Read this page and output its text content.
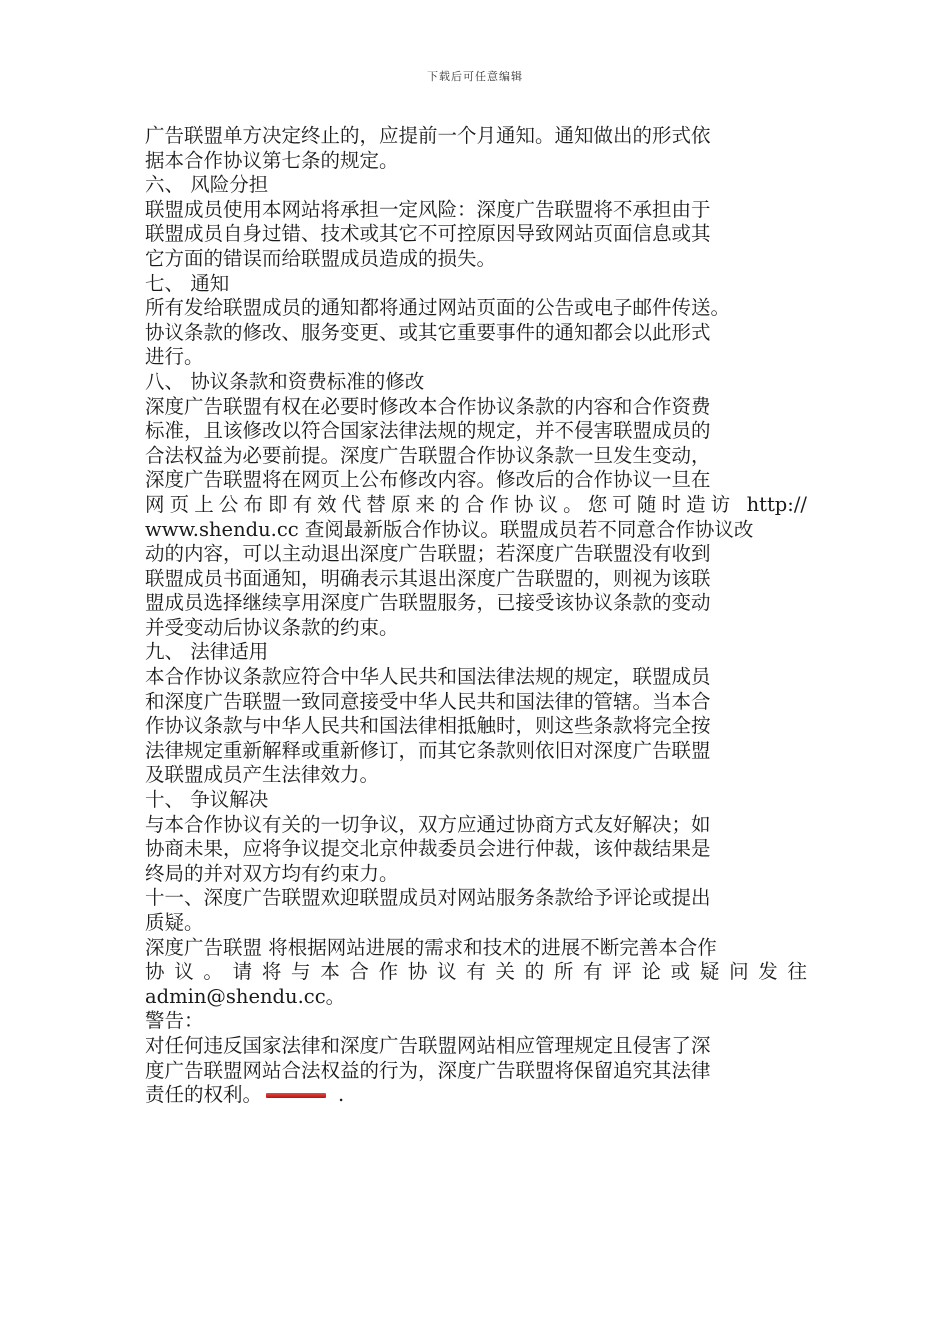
下载后可任意编辑
广告联盟单方决定终止的，应提前一个月通知。通知做出的形式依
据本合作协议第七条的规定。
六、 风险分担
联盟成员使用本网站将承担一定风险：深度广告联盟将不承担由于
联盟成员自身过错、技术或其它不可控原因导致网站页面信息或其
它方面的错误而给联盟成员造成的损失。
七、 通知
所有发给联盟成员的通知都将通过网站页面的公告或电子邮件传送。
协议条款的修改、服务变更、或其它重要事件的通知都会以此形式
进行。
八、 协议条款和资费标准的修改
深度广告联盟有权在必要时修改本合作协议条款的内容和合作资费
标准，且该修改以符合国家法律法规的规定，并不侵害联盟成员的
合法权益为必要前提。深度广告联盟合作协议条款一旦发生变动，
深度广告联盟将在网页上公布修改内容。修改后的合作协议一旦在
网页上公布即有效代替原来的合作协议。您可随时造访 http://
www.shendu.cc 查阅最新版合作协议。联盟成员若不同意合作协议改
动的内容，可以主动退出深度广告联盟；若深度广告联盟没有收到
联盟成员书面通知，明确表示其退出深度广告联盟的，则视为该联
盟成员选择继续享用深度广告联盟服务，已接受该协议条款的变动
并受变动后协议条款的约束。
九、 法律适用
本合作协议条款应符合中华人民共和国法律法规的规定，联盟成员
和深度广告联盟一致同意接受中华人民共和国法律的管辖。当本合
作协议条款与中华人民共和国法律相抵触时，则这些条款将完全按
法律规定重新解释或重新修订，而其它条款则依旧对深度广告联盟
及联盟成员产生法律效力。
十、 争议解决
与本合作协议有关的一切争议，双方应通过协商方式友好解决；如
协商未果，应将争议提交北京仲裁委员会进行仲裁，该仲裁结果是
终局的并对双方均有约束力。
十一、深度广告联盟欢迎联盟成员对网站服务条款给予评论或提出
质疑。
深度广告联盟 将根据网站进展的需求和技术的进展不断完善本合作
协议。请将与本合作协议有关的所有评论或疑问发往
admin@shendu.cc。
警告：
对任何违反国家法律和深度广告联盟网站相应管理规定且侵害了深
度广告联盟网站合法权益的行为，深度广告联盟将保留追究其法律
责任的权利。	.
